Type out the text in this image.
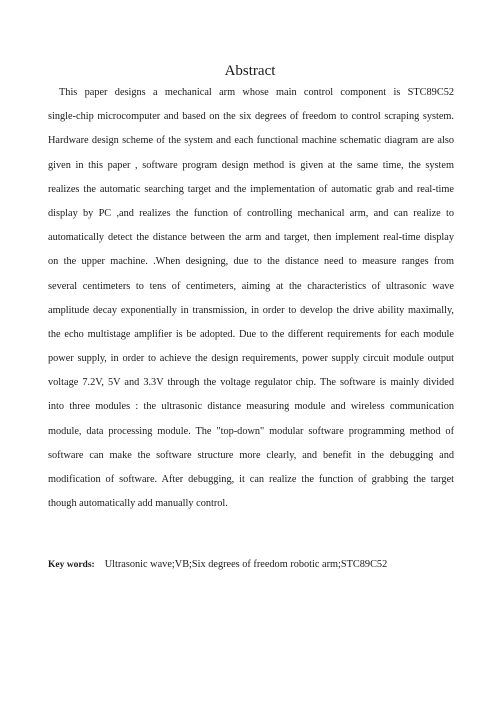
Abstract
This paper designs a mechanical arm whose main control component is STC89C52
single-chip microcomputer and based on the six degrees of freedom to control scraping system.
Hardware design scheme of the system and each functional machine schematic diagram are also
given in this paper , software program design method is given at the same time, the system
realizes the automatic searching target and the implementation of automatic grab and real-time
display by PC ,and realizes the function of controlling mechanical arm, and can realize to
automatically detect the distance between the arm and target, then implement real-time display
on the upper machine. .When designing, due to the distance need to measure ranges from
several centimeters to tens of centimeters, aiming at the characteristics of ultrasonic wave
amplitude decay exponentially in transmission, in order to develop the drive ability maximally,
the echo multistage amplifier is be adopted. Due to the different requirements for each module
power supply, in order to achieve the design requirements, power supply circuit module output
voltage 7.2V, 5V and 3.3V through the voltage regulator chip. The software is mainly divided
into three modules : the ultrasonic distance measuring module and wireless communication
module, data processing module. The "top-down" modular software programming method of
software can make the software structure more clearly, and benefit in the debugging and
modification of software. After debugging, it can realize the function of grabbing the target
though automatically add manually control.
Key words: Ultrasonic wave;VB;Six degrees of freedom robotic arm;STC89C52
